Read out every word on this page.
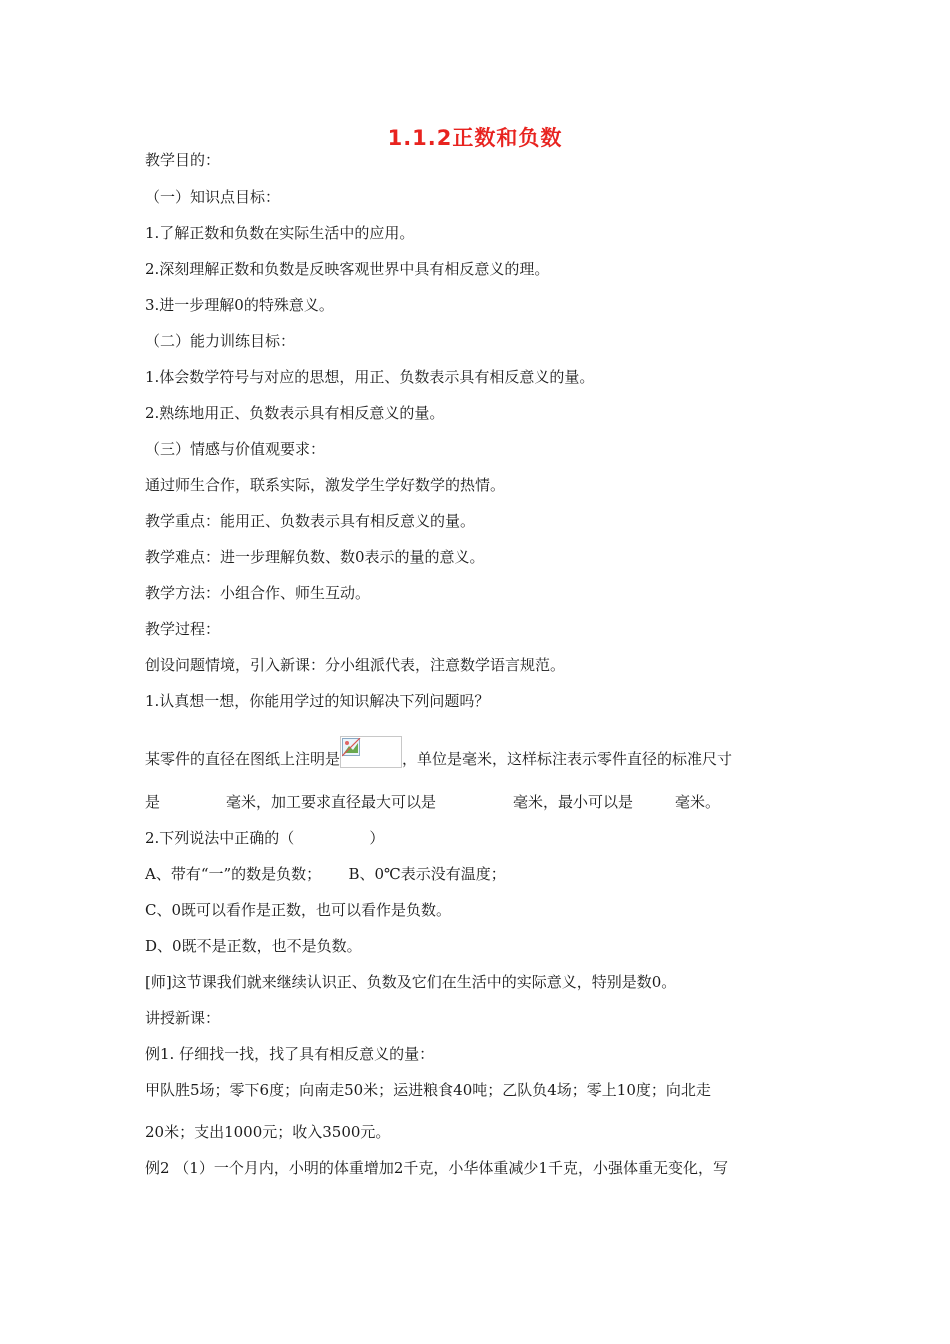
1.1.2正数和负数
教学目的：
（一）知识点目标：
1.了解正数和负数在实际生活中的应用。
2.深刻理解正数和负数是反映客观世界中具有相反意义的理。
3.进一步理解0的特殊意义。
（二）能力训练目标：
1.体会数学符号与对应的思想，用正、负数表示具有相反意义的量。
2.熟练地用正、负数表示具有相反意义的量。
（三）情感与价值观要求：
通过师生合作，联系实际，激发学生学好数学的热情。
教学重点：能用正、负数表示具有相反意义的量。
教学难点：进一步理解负数、数0表示的量的意义。
教学方法：小组合作、师生互动。
教学过程：
创设问题情境，引入新课：分小组派代表，注意数学语言规范。
1.认真想一想，你能用学过的知识解决下列问题吗？
某零件的直径在图纸上注明是	，单位是毫米，这样标注表示零件直径的标准尺寸
是	毫米，加工要求直径最大可以是	毫米，最小可以是	毫米。
2.下列说法中正确的（　　　　　）
A、带有“一”的数是负数；　　 B、0℃表示没有温度；
C、0既可以看作是正数，也可以看作是负数。
D、0既不是正数，也不是负数。
[师]这节课我们就来继续认识正、负数及它们在生活中的实际意义，特别是数0。
讲授新课：
例1. 仔细找一找，找了具有相反意义的量：
甲队胜5场；零下6度；向南走50米；运进粮食40吨；乙队负4场；零上10度；向北走
20米；支出1000元；收入3500元。
例2 （1）一个月内，小明的体重增加2千克，小华体重减少1千克，小强体重无变化，写
